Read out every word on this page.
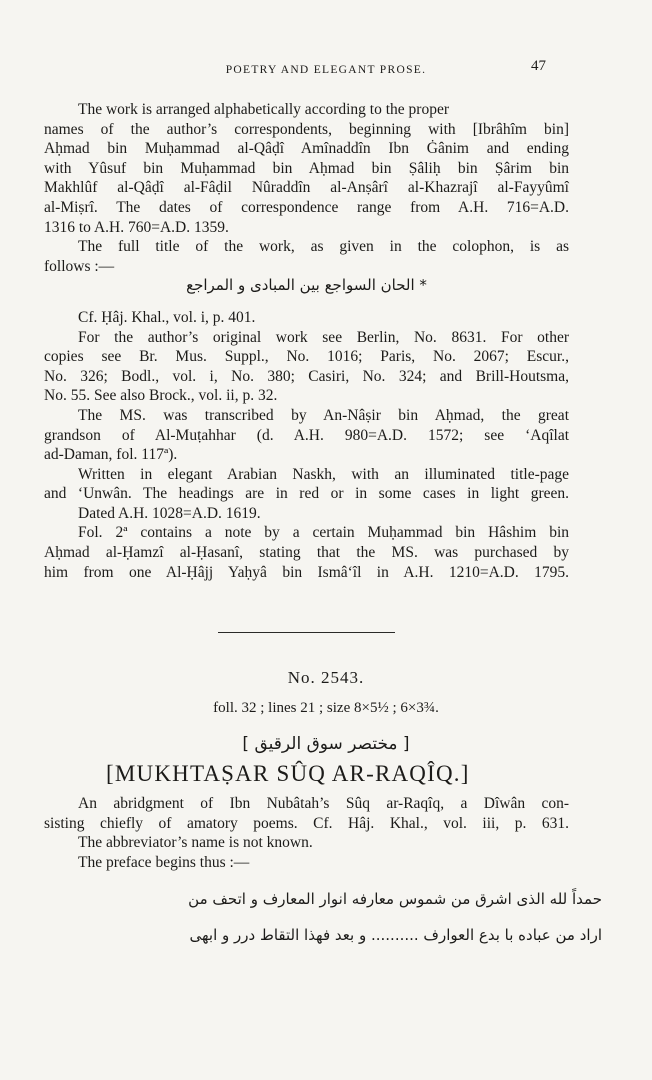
POETRY AND ELEGANT PROSE.	47
The work is arranged alphabetically according to the proper
names of the author’s correspondents, beginning with [Ibrâhîm bin]
Aḥmad bin Muḥammad al-Qâḍî Amînaddîn Ibn Ġânim and ending
with Yûsuf bin Muḥammad bin Aḥmad bin Ṣâliḥ bin Ṣârim bin
Makhlûf al-Qâḍî al-Fâḍil Nûraddîn al-Anṣârî al-Khazrajî al-Fayyûmî
al-Miṣrî. The dates of correspondence range from A.H. 716=A.D.
1316 to A.H. 760=A.D. 1359.
The full title of the work, as given in the colophon, is as
follows :—
* الحان السواجع بين المبادى و المراجع
Cf. Ḥâj. Khal., vol. i, p. 401.
For the author’s original work see Berlin, No. 8631. For other
copies see Br. Mus. Suppl., No. 1016; Paris, No. 2067; Escur.,
No. 326; Bodl., vol. i, No. 380; Casiri, No. 324; and Brill-Houtsma,
No. 55. See also Brock., vol. ii, p. 32.
The MS. was transcribed by An-Nâṣir bin Aḥmad, the great
grandson of Al-Muṭahhar (d. A.H. 980=A.D. 1572; see ‘Aqîlat
ad-Daman, fol. 117ª).
Written in elegant Arabian Naskh, with an illuminated title-page
and ‘Unwân. The headings are in red or in some cases in light green.
Dated A.H. 1028=A.D. 1619.
Fol. 2ª contains a note by a certain Muḥammad bin Hâshim bin
Aḥmad al-Ḥamzî al-Ḥasanî, stating that the MS. was purchased by
him from one Al-Ḥâjj Yaḥyâ bin Ismâ‘îl in A.H. 1210=A.D. 1795.
No. 2543.
foll. 32 ; lines 21 ; size 8×5½ ; 6×3¾.
[ مختصر سوق الرقيق ]
[MUKHTAṢAR SÛQ AR-RAQÎQ.]
An abridgment of Ibn Nubâtah’s Sûq ar-Raqîq, a Dîwân con-
sisting chiefly of amatory poems. Cf. Hâj. Khal., vol. iii, p. 631.
The abbreviator’s name is not known.
The preface begins thus :—
حمداً لله الذى اشرق من شموس معارفه انوار المعارف و اتحف من
اراد من عباده با بدع العوارف .......... و بعد فهذا التقاط درر و ابهى
